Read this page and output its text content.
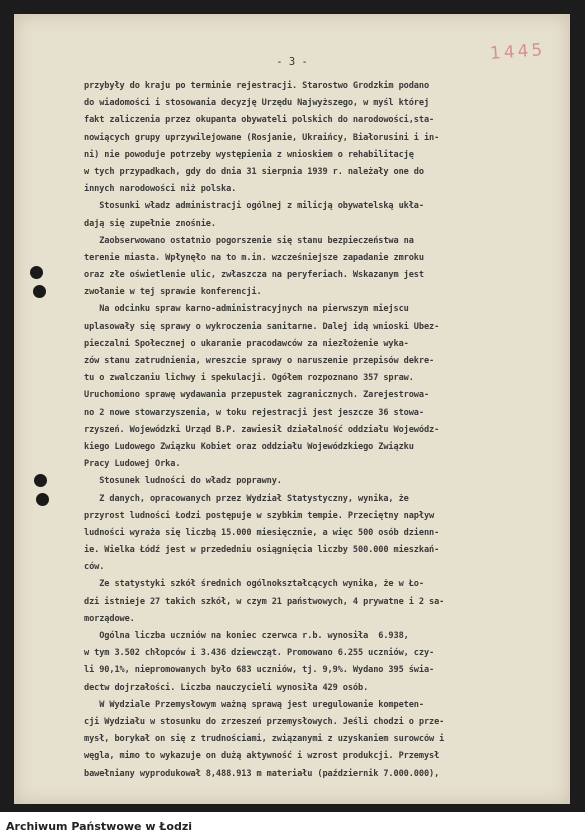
- 3 -	1445
przybyły do kraju po terminie rejestracji. Starostwo Grodzkim podano
do wiadomości i stosowania decyzję Urzędu Najwyższego, w myśl której
fakt zaliczenia przez okupanta obywateli polskich do narodowości,sta-
nowiących grupy uprzywilejowane (Rosjanie, Ukraińcy, Białorusini i in-
ni) nie powoduje potrzeby występienia z wnioskiem o rehabilitację
w tych przypadkach, gdy do dnia 31 sierpnia 1939 r. należały one do
innych narodowości niż polska.
Stosunki władz administracji ogólnej z milicją obywatelską ukła-
dają się zupełnie znośnie.
Zaobserwowano ostatnio pogorszenie się stanu bezpieczeństwa na
terenie miasta. Wpłynęło na to m.in. wzcześniejsze zapadanie zmroku
oraz złe oświetlenie ulic, zwłaszcza na peryferiach. Wskazanym jest
zwołanie w tej sprawie konferencji.
Na odcinku spraw karno-administracyjnych na pierwszym miejscu
uplasowały się sprawy o wykroczenia sanitarne. Dalej idą wnioski Ubez-
pieczalni Społecznej o ukaranie pracodawców za niezłożenie wyka-
zów stanu zatrudnienia, wreszcie sprawy o naruszenie przepisów dekre-
tu o zwalczaniu lichwy i spekulacji. Ogółem rozpoznano 357 spraw.
Uruchomiono sprawę wydawania przepustek zagranicznych. Zarejestrowa-
no 2 nowe stowarzyszenia, w toku rejestracji jest jeszcze 36 stowa-
rzyszeń. Wojewódzki Urząd B.P. zawiesił działalność oddziału Wojewódz-
kiego Ludowego Związku Kobiet oraz oddziału Wojewódzkiego Związku
Pracy Ludowej Orka.
Stosunek ludności do władz poprawny.
Z danych, opracowanych przez Wydział Statystyczny, wynika, że
przyrost ludności Łodzi postępuje w szybkim tempie. Przeciętny napływ
ludności wyraża się liczbą 15.000 miesięcznie, a więc 500 osób dzienn-
ie. Wielka Łódź jest w przededniu osiągnięcia liczby 500.000 mieszkań-
ców.
Ze statystyki szkół średnich ogólnokształcących wynika, że w Ło-
dzi istnieje 27 takich szkół, w czym 21 państwowych, 4 prywatne i 2 sa-
morządowe.
Ogólna liczba uczniów na koniec czerwca r.b. wynosiła  6.938,
w tym 3.502 chłopców i 3.436 dziewcząt. Promowano 6.255 uczniów, czy-
li 90,1%, niepromowanych było 683 uczniów, tj. 9,9%. Wydano 395 świa-
dectw dojrzałości. Liczba nauczycieli wynosiła 429 osób.
W Wydziale Przemysłowym ważną sprawą jest uregulowanie kompeten-
cji Wydziału w stosunku do zrzeszeń przemysłowych. Jeśli chodzi o prze-
mysł, borykał on się z trudnościami, związanymi z uzyskaniem surowców i
węgla, mimo to wykazuje on dużą aktywność i wzrost produkcji. Przemysł
bawełniany wyprodukował 8,488.913 m materiału (październik 7.000.000),
Archiwum Państwowe w Łodzi
